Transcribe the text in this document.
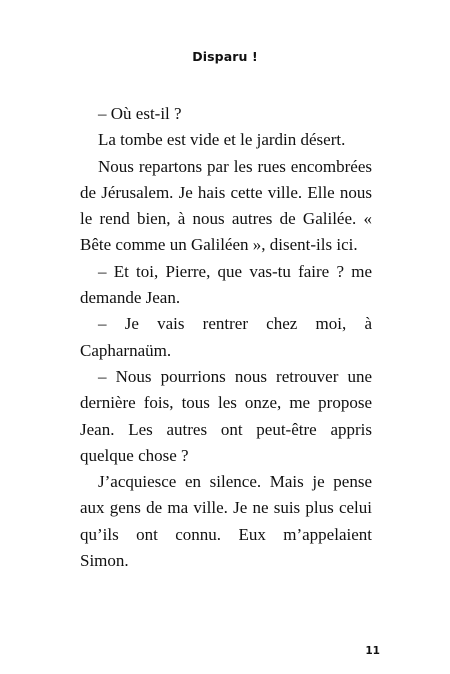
Disparu !

– Où est-il ?

La tombe est vide et le jardin désert.

Nous repartons par les rues encombrées de Jérusalem. Je hais cette ville. Elle nous le rend bien, à nous autres de Galilée. « Bête comme un Galiléen », disent-ils ici.

– Et toi, Pierre, que vas-tu faire ? me demande Jean.

– Je vais rentrer chez moi, à Capharnaüm.

– Nous pourrions nous retrouver une dernière fois, tous les onze, me propose Jean. Les autres ont peut-être appris quelque chose ?

J’acquiesce en silence. Mais je pense aux gens de ma ville. Je ne suis plus celui qu’ils ont connu. Eux m’appelaient Simon.

11
